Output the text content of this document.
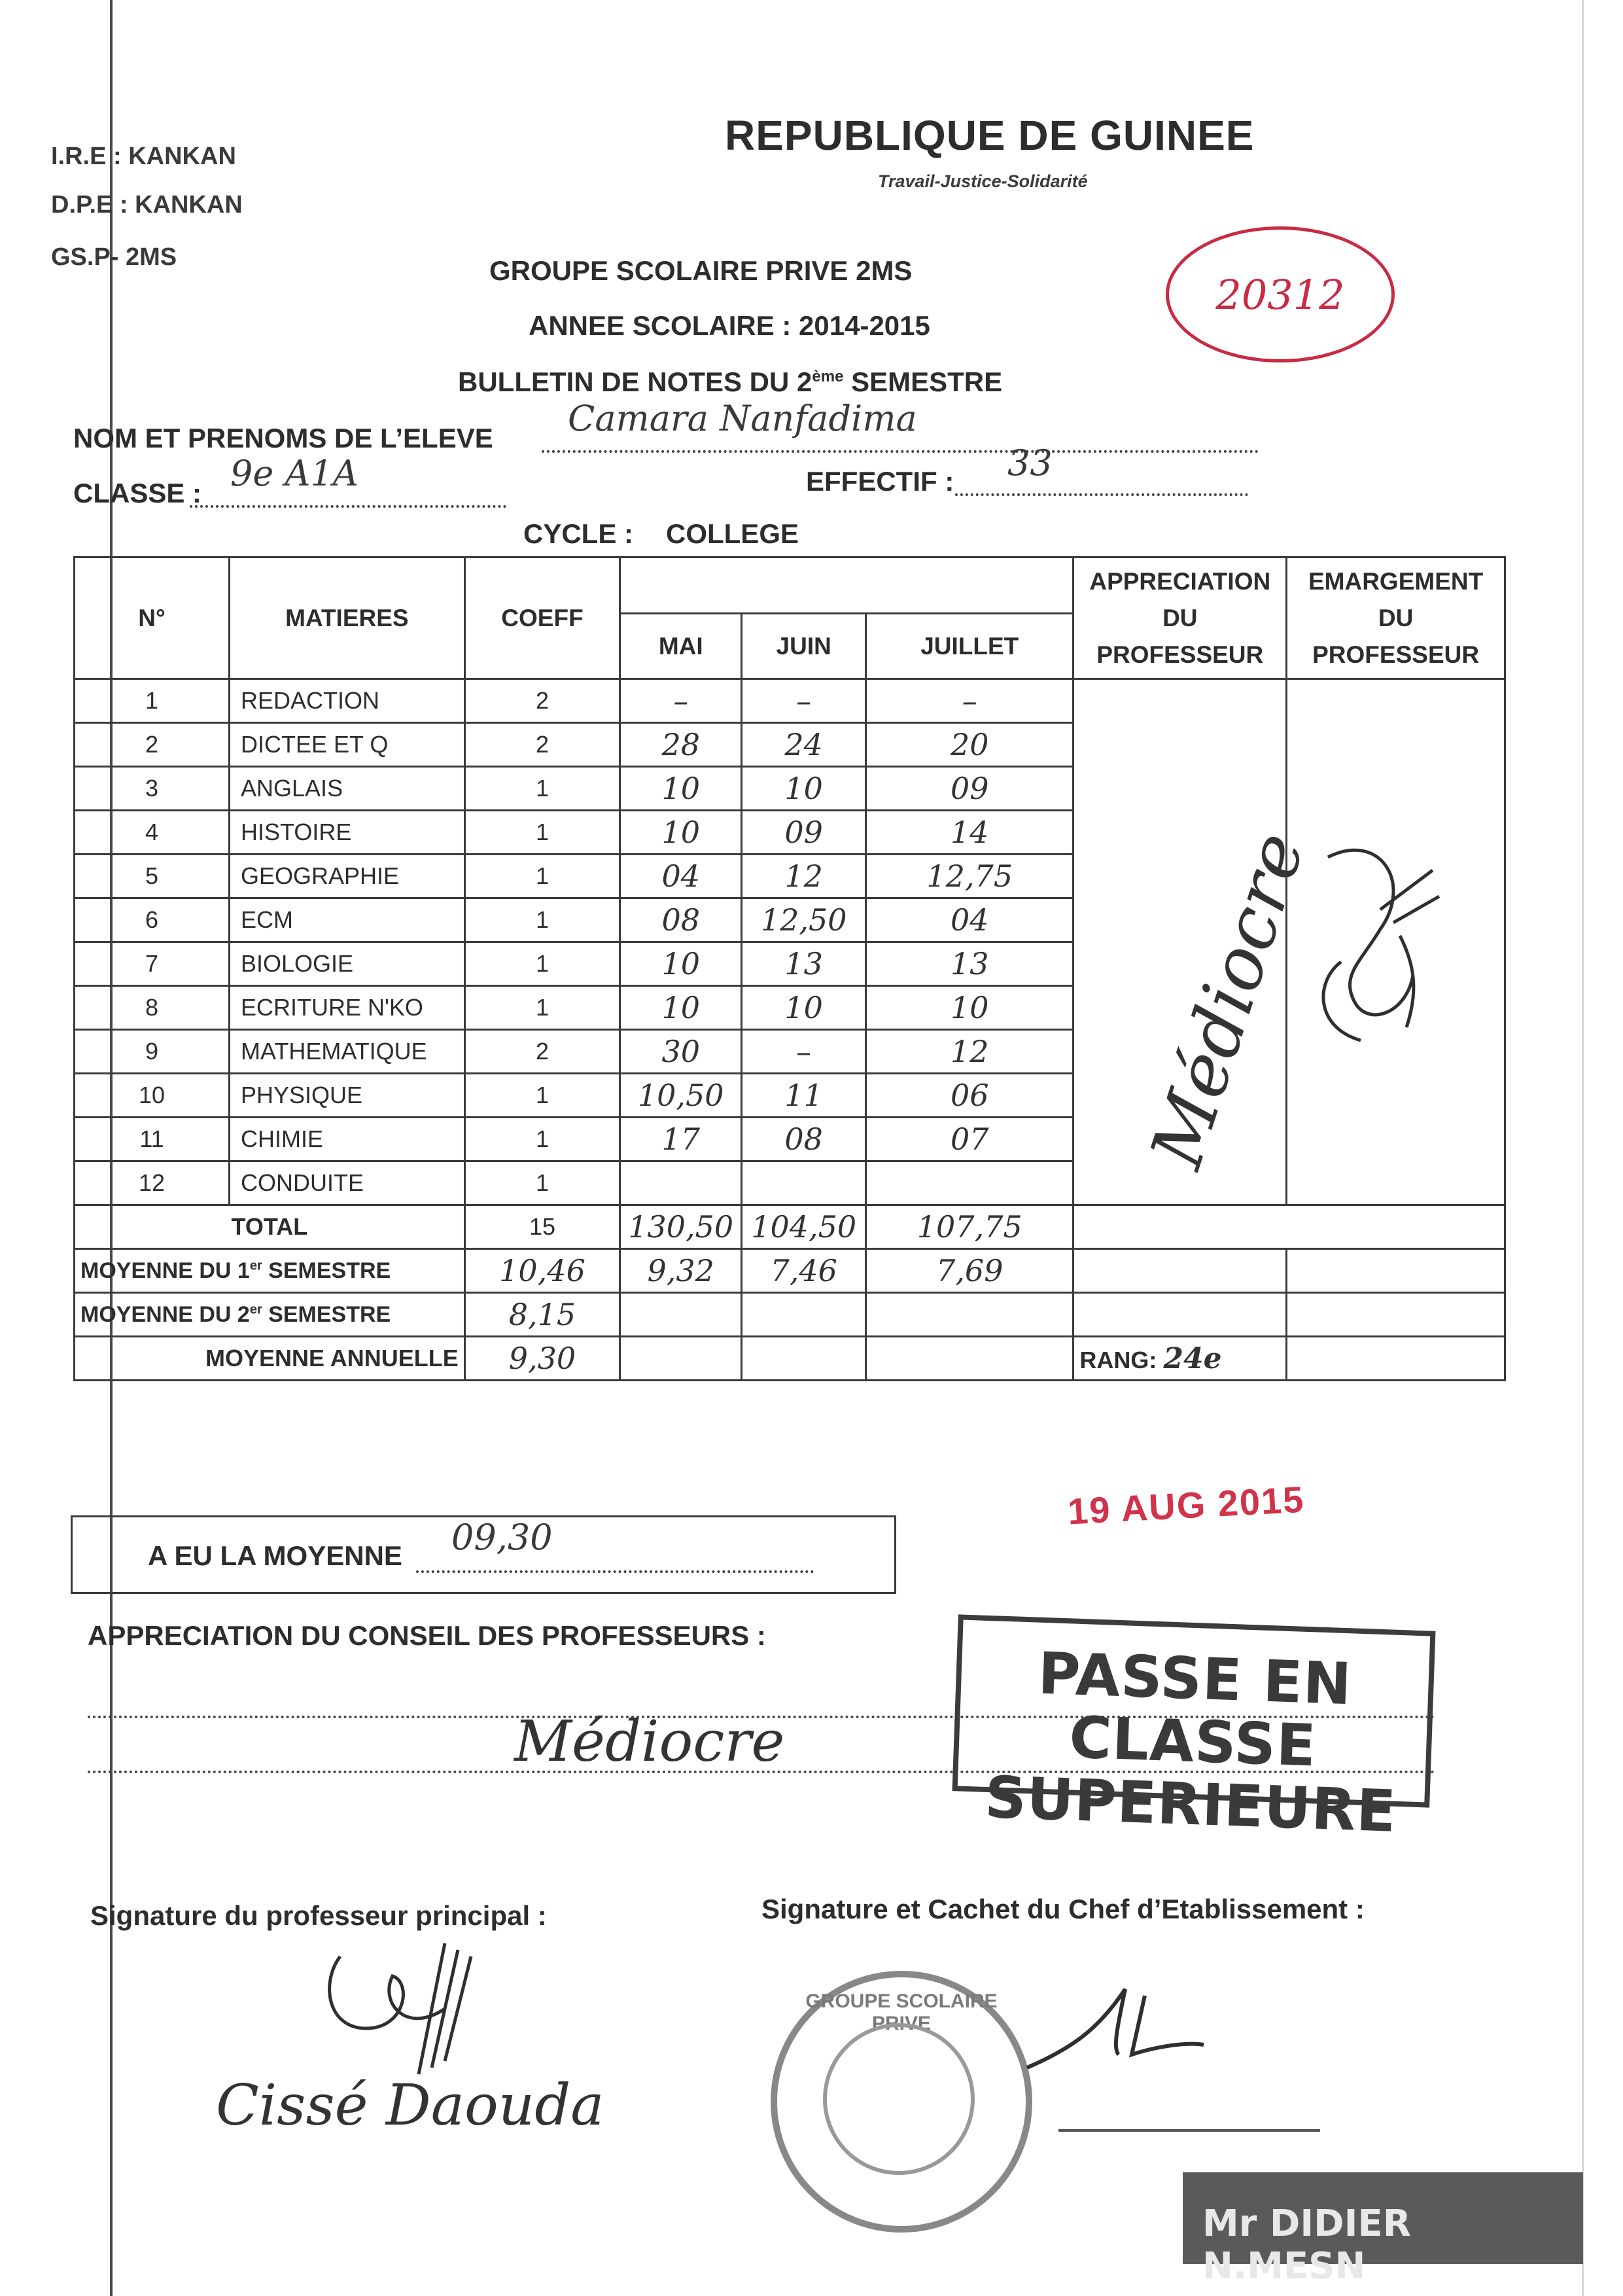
I.R.E : KANKAN
D.P.E : KANKAN
GS.P- 2MS
REPUBLIQUE DE GUINEE
Travail-Justice-Solidarité
GROUPE SCOLAIRE PRIVE 2MS
ANNEE SCOLAIRE : 2014-2015
BULLETIN DE NOTES DU 2ème SEMESTRE
20312
NOM ET PRENOMS DE L’ELEVE Camara Nanfadima
CLASSE : 9e A1A	EFFECTIF : 33
CYCLE : COLLEGE
N°	MATIERES	COEFF				APPRECIATION DU PROFESSEUR	EMARGEMENT DU PROFESSEUR
			MAI	JUIN	JUILLET		
1	REDACTION	2	–	–	–		
2	DICTEE ET Q	2	28	24	20		
3	ANGLAIS	1	10	10	09		
4	HISTOIRE	1	10	09	14		
5	GEOGRAPHIE	1	04	12	12,75		
6	ECM	1	08	12,50	04		
7	BIOLOGIE	1	10	13	13		
8	ECRITURE N'KO	1	10	10	10		
9	MATHEMATIQUE	2	30	–	12		
10	PHYSIQUE	1	10,50	11	06		
11	CHIMIE	1	17	08	07		
12	CONDUITE	1					
TOTAL		15	130,50	104,50	107,75		
MOYENNE DU 1er SEMESTRE		10,46	9,32	7,46	7,69		
MOYENNE DU 2er SEMESTRE		8,15					
MOYENNE ANNUELLE		9,30				RANG: 24e	
Médiocre
19 AUG 2015
A EU LA MOYENNE 09,30
APPRECIATION DU CONSEIL DES PROFESSEURS :
Médiocre
PASSE EN CLASSE
SUPERIEURE
Signature du professeur principal :	Signature et Cachet du Chef d’Etablissement :
Cissé Daouda
GROUPE SCOLAIRE PRIVE
Mr DIDIER N.MESN
